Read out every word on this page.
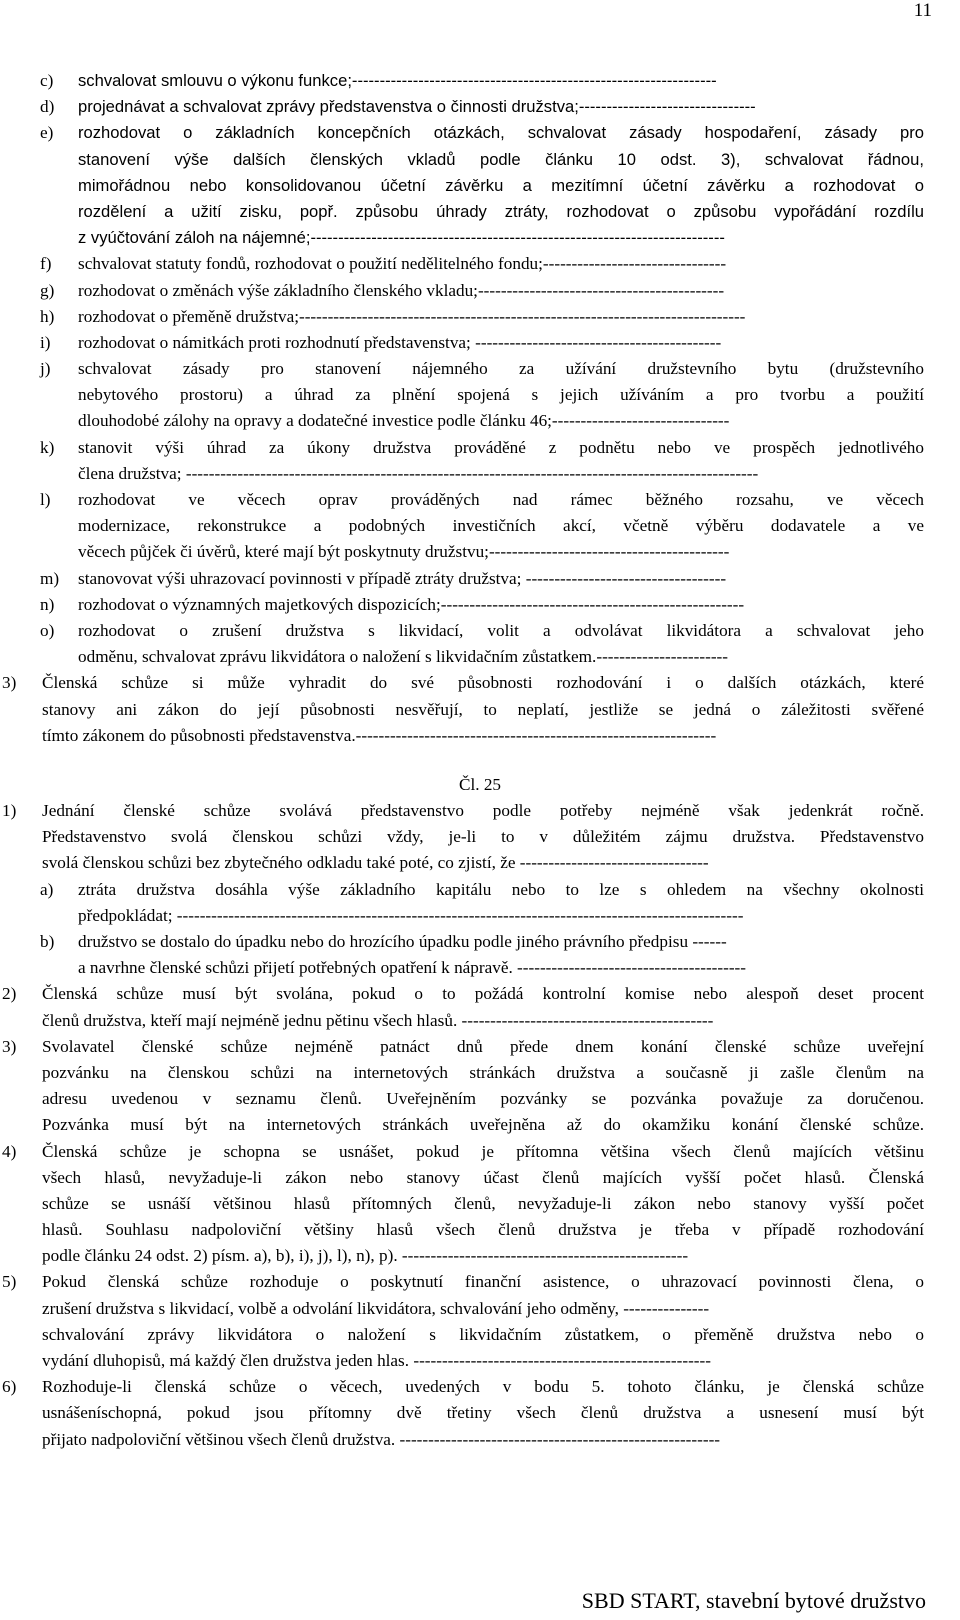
11
c) schvalovat smlouvu o výkonu funkce;------------------------------------------------------------------
d) projednávat a schvalovat zprávy představenstva o činnosti družstva;--------------------------------
e) rozhodovat o základních koncepčních otázkách, schvalovat zásady hospodaření, zásady pro
stanovení výše dalších členských vkladů podle článku 10 odst. 3), schvalovat řádnou,
mimořádnou nebo konsolidovanou účetní závěrku a mezitímní účetní závěrku a rozhodovat o
rozdělení a užití zisku, popř. způsobu úhrady ztráty, rozhodovat o způsobu vypořádání rozdílu
z vyúčtování záloh na nájemné;---------------------------------------------------------------------------
f) schvalovat statuty fondů, rozhodovat o použití nedělitelného fondu;--------------------------------
g) rozhodovat o změnách výše základního členského vkladu;-------------------------------------------
h) rozhodovat o přeměně družstva;------------------------------------------------------------------------------
i) rozhodovat o námitkách proti rozhodnutí představenstva; -------------------------------------------
j) schvalovat zásady pro stanovení nájemného za užívání družstevního bytu (družstevního
nebytového prostoru) a úhrad za plnění spojená s jejich užíváním a pro tvorbu a použití
dlouhodobé zálohy na opravy a dodatečné investice podle článku 46;-------------------------------
k) stanovit výši úhrad za úkony družstva prováděné z podnětu nebo ve prospěch jednotlivého
člena družstva; ----------------------------------------------------------------------------------------------------
l) rozhodovat ve věcech oprav prováděných nad rámec běžného rozsahu, ve věcech
modernizace, rekonstrukce a podobných investičních akcí, včetně výběru dodavatele a ve
věcech půjček či úvěrů, které mají být poskytnuty družstvu;------------------------------------------
m) stanovovat výši uhrazovací povinnosti v případě ztráty družstva; -----------------------------------
n) rozhodovat o významných majetkových dispozicích;-----------------------------------------------------
o) rozhodovat o zrušení družstva s likvidací, volit a odvolávat likvidátora a schvalovat jeho
odměnu, schvalovat zprávu likvidátora o naložení s likvidačním zůstatkem.-----------------------
3) Členská schůze si může vyhradit do své působnosti rozhodování i o dalších otázkách, které
stanovy ani zákon do její působnosti nesvěřují, to neplatí, jestliže se jedná o záležitosti svěřené
tímto zákonem do působnosti představenstva.---------------------------------------------------------------
Čl. 25
1) Jednání členské schůze svolává představenstvo podle potřeby nejméně však jedenkrát ročně.
Představenstvo svolá členskou schůzi vždy, je-li to v důležitém zájmu družstva. Představenstvo
svolá členskou schůzi bez zbytečného odkladu také poté, co zjistí, že ---------------------------------
a) ztráta družstva dosáhla výše základního kapitálu nebo to lze s ohledem na všechny okolnosti
předpokládat; ---------------------------------------------------------------------------------------------------
b) družstvo se dostalo do úpadku nebo do hrozícího úpadku podle jiného právního předpisu ------
a navrhne členské schůzi přijetí potřebných opatření k nápravě. ----------------------------------------
2) Členská schůze musí být svolána, pokud o to požádá kontrolní komise nebo alespoň deset procent
členů družstva, kteří mají nejméně jednu pětinu všech hlasů. --------------------------------------------
3) Svolavatel členské schůze nejméně patnáct dnů přede dnem konání členské schůze uveřejní
pozvánku na členskou schůzi na internetových stránkách družstva a současně ji zašle členům na
adresu uvedenou v seznamu členů. Uveřejněním pozvánky se pozvánka považuje za doručenou.
Pozvánka musí být na internetových stránkách uveřejněna až do okamžiku konání členské schůze.
4) Členská schůze je schopna se usnášet, pokud je přítomna většina všech členů majících většinu
všech hlasů, nevyžaduje-li zákon nebo stanovy účast členů majících vyšší počet hlasů. Členská
schůze se usnáší většinou hlasů přítomných členů, nevyžaduje-li zákon nebo stanovy vyšší počet
hlasů. Souhlasu nadpoloviční většiny hlasů všech členů družstva je třeba v případě rozhodování
podle článku 24 odst. 2) písm. a), b), i), j), l), n), p). --------------------------------------------------
5) Pokud členská schůze rozhoduje o poskytnutí finanční asistence, o uhrazovací povinnosti člena, o
zrušení družstva s likvidací, volbě a odvolání likvidátora, schvalování jeho odměny, ---------------
schvalování zprávy likvidátora o naložení s likvidačním zůstatkem, o přeměně družstva nebo o
vydání dluhopisů, má každý člen družstva jeden hlas. ----------------------------------------------------
6) Rozhoduje-li členská schůze o věcech, uvedených v bodu 5. tohoto článku, je členská schůze
usnášeníschopná, pokud jsou přítomny dvě třetiny všech členů družstva a usnesení musí být
přijato nadpoloviční většinou všech členů družstva. --------------------------------------------------------
SBD START, stavební bytové družstvo
